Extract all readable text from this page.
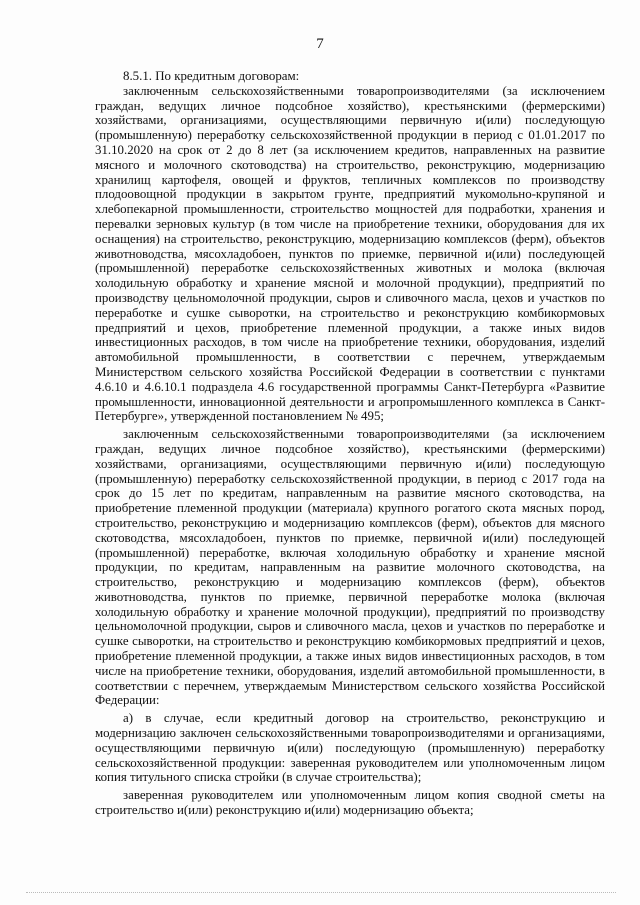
7

8.5.1. По кредитным договорам:

заключенным сельскохозяйственными товаропроизводителями (за исключением граждан, ведущих личное подсобное хозяйство), крестьянскими (фермерскими) хозяйствами, организациями, осуществляющими первичную и(или) последующую (промышленную) переработку сельскохозяйственной продукции в период с 01.01.2017 по 31.10.2020 на срок от 2 до 8 лет (за исключением кредитов, направленных на развитие мясного и молочного скотоводства) на строительство, реконструкцию, модернизацию хранилищ картофеля, овощей и фруктов, тепличных комплексов по производству плодоовощной продукции в закрытом грунте, предприятий мукомольно-крупяной и хлебопекарной промышленности, строительство мощностей для подработки, хранения и перевалки зерновых культур (в том числе на приобретение техники, оборудования для их оснащения) на строительство, реконструкцию, модернизацию комплексов (ферм), объектов животноводства, мясохладобоен, пунктов по приемке, первичной и(или) последующей (промышленной) переработке сельскохозяйственных животных и молока (включая холодильную обработку и хранение мясной и молочной продукции), предприятий по производству цельномолочной продукции, сыров и сливочного масла, цехов и участков по переработке и сушке сыворотки, на строительство и реконструкцию комбикормовых предприятий и цехов, приобретение племенной продукции, а также иных видов инвестиционных расходов, в том числе на приобретение техники, оборудования, изделий автомобильной промышленности, в соответствии с перечнем, утверждаемым Министерством сельского хозяйства Российской Федерации в соответствии с пунктами 4.6.10 и 4.6.10.1 подраздела 4.6 государственной программы Санкт-Петербурга «Развитие промышленности, инновационной деятельности и агропромышленного комплекса в Санкт-Петербурге», утвержденной постановлением № 495;

заключенным сельскохозяйственными товаропроизводителями (за исключением граждан, ведущих личное подсобное хозяйство), крестьянскими (фермерскими) хозяйствами, организациями, осуществляющими первичную и(или) последующую (промышленную) переработку сельскохозяйственной продукции, в период с 2017 года на срок до 15 лет по кредитам, направленным на развитие мясного скотоводства, на приобретение племенной продукции (материала) крупного рогатого скота мясных пород, строительство, реконструкцию и модернизацию комплексов (ферм), объектов для мясного скотоводства, мясохладобоен, пунктов по приемке, первичной и(или) последующей (промышленной) переработке, включая холодильную обработку и хранение мясной продукции, по кредитам, направленным на развитие молочного скотоводства, на строительство, реконструкцию и модернизацию комплексов (ферм), объектов животноводства, пунктов по приемке, первичной переработке молока (включая холодильную обработку и хранение молочной продукции), предприятий по производству цельномолочной продукции, сыров и сливочного масла, цехов и участков по переработке и сушке сыворотки, на строительство и реконструкцию комбикормовых предприятий и цехов, приобретение племенной продукции, а также иных видов инвестиционных расходов, в том числе на приобретение техники, оборудования, изделий автомобильной промышленности, в соответствии с перечнем, утверждаемым Министерством сельского хозяйства Российской Федерации:

а) в случае, если кредитный договор на строительство, реконструкцию и модернизацию заключен сельскохозяйственными товаропроизводителями и организациями, осуществляющими первичную и(или) последующую (промышленную) переработку сельскохозяйственной продукции: заверенная руководителем или уполномоченным лицом копия титульного списка стройки (в случае строительства);

заверенная руководителем или уполномоченным лицом копия сводной сметы на строительство и(или) реконструкцию и(или) модернизацию объекта;
